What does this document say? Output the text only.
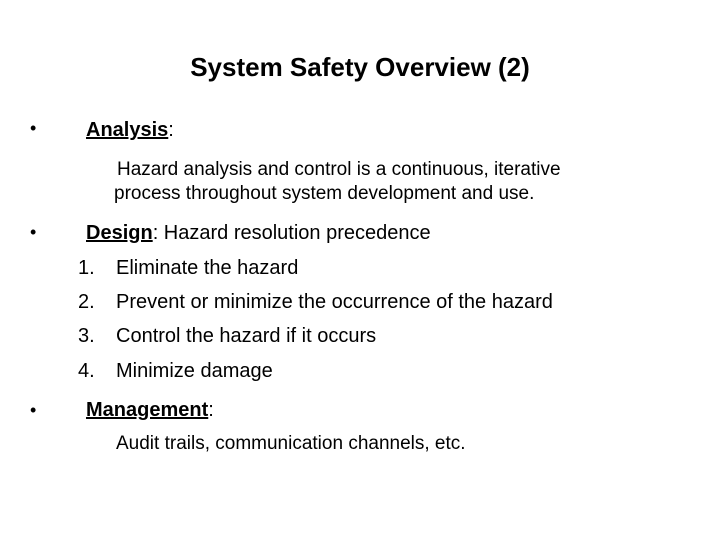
System Safety Overview (2)
• Analysis:
Hazard analysis and control is a continuous, iterative
process throughout system development and use.
• Design: Hazard resolution precedence
1. Eliminate the hazard
2. Prevent or minimize the occurrence of the hazard
3. Control the hazard if it occurs
4. Minimize damage
• Management:
Audit trails, communication channels, etc.
